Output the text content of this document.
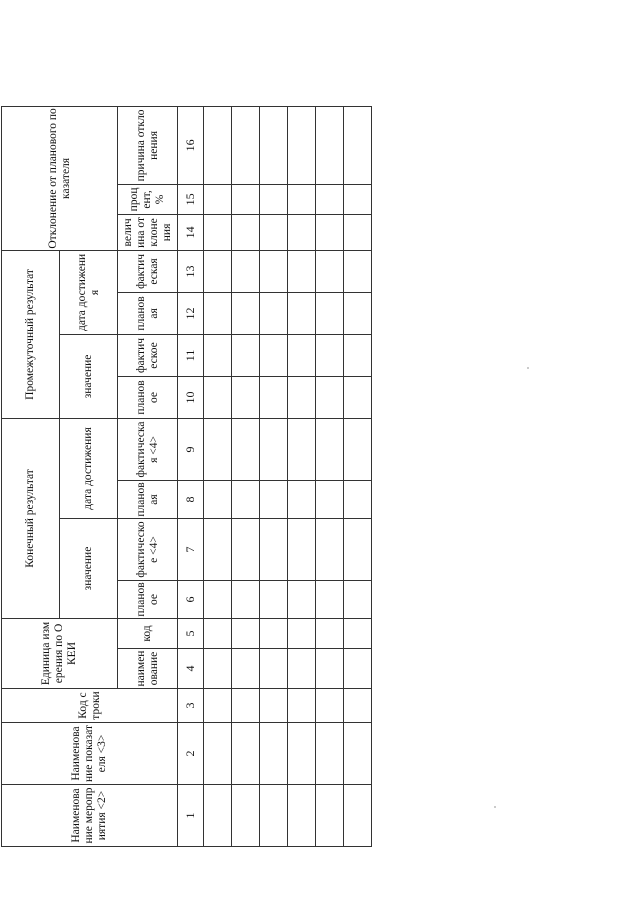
Наименование мероприятия <2>	Наименование показателя <3>	Код строки	Единица измерения по ОКЕИ		Конечный результат				Промежуточный результат				Отклонение от планового показателя		
					значение		дата достижения		значение		дата достижения				
			наименование	код	плановое	фактическое <4>	плановая	фактическая <4>	плановое	фактическое	плановая	фактическая	величина отклонения	процент, %	причина отклонения
1	2	3	4	5	6	7	8	9	10	11	12	13	14	15	16
